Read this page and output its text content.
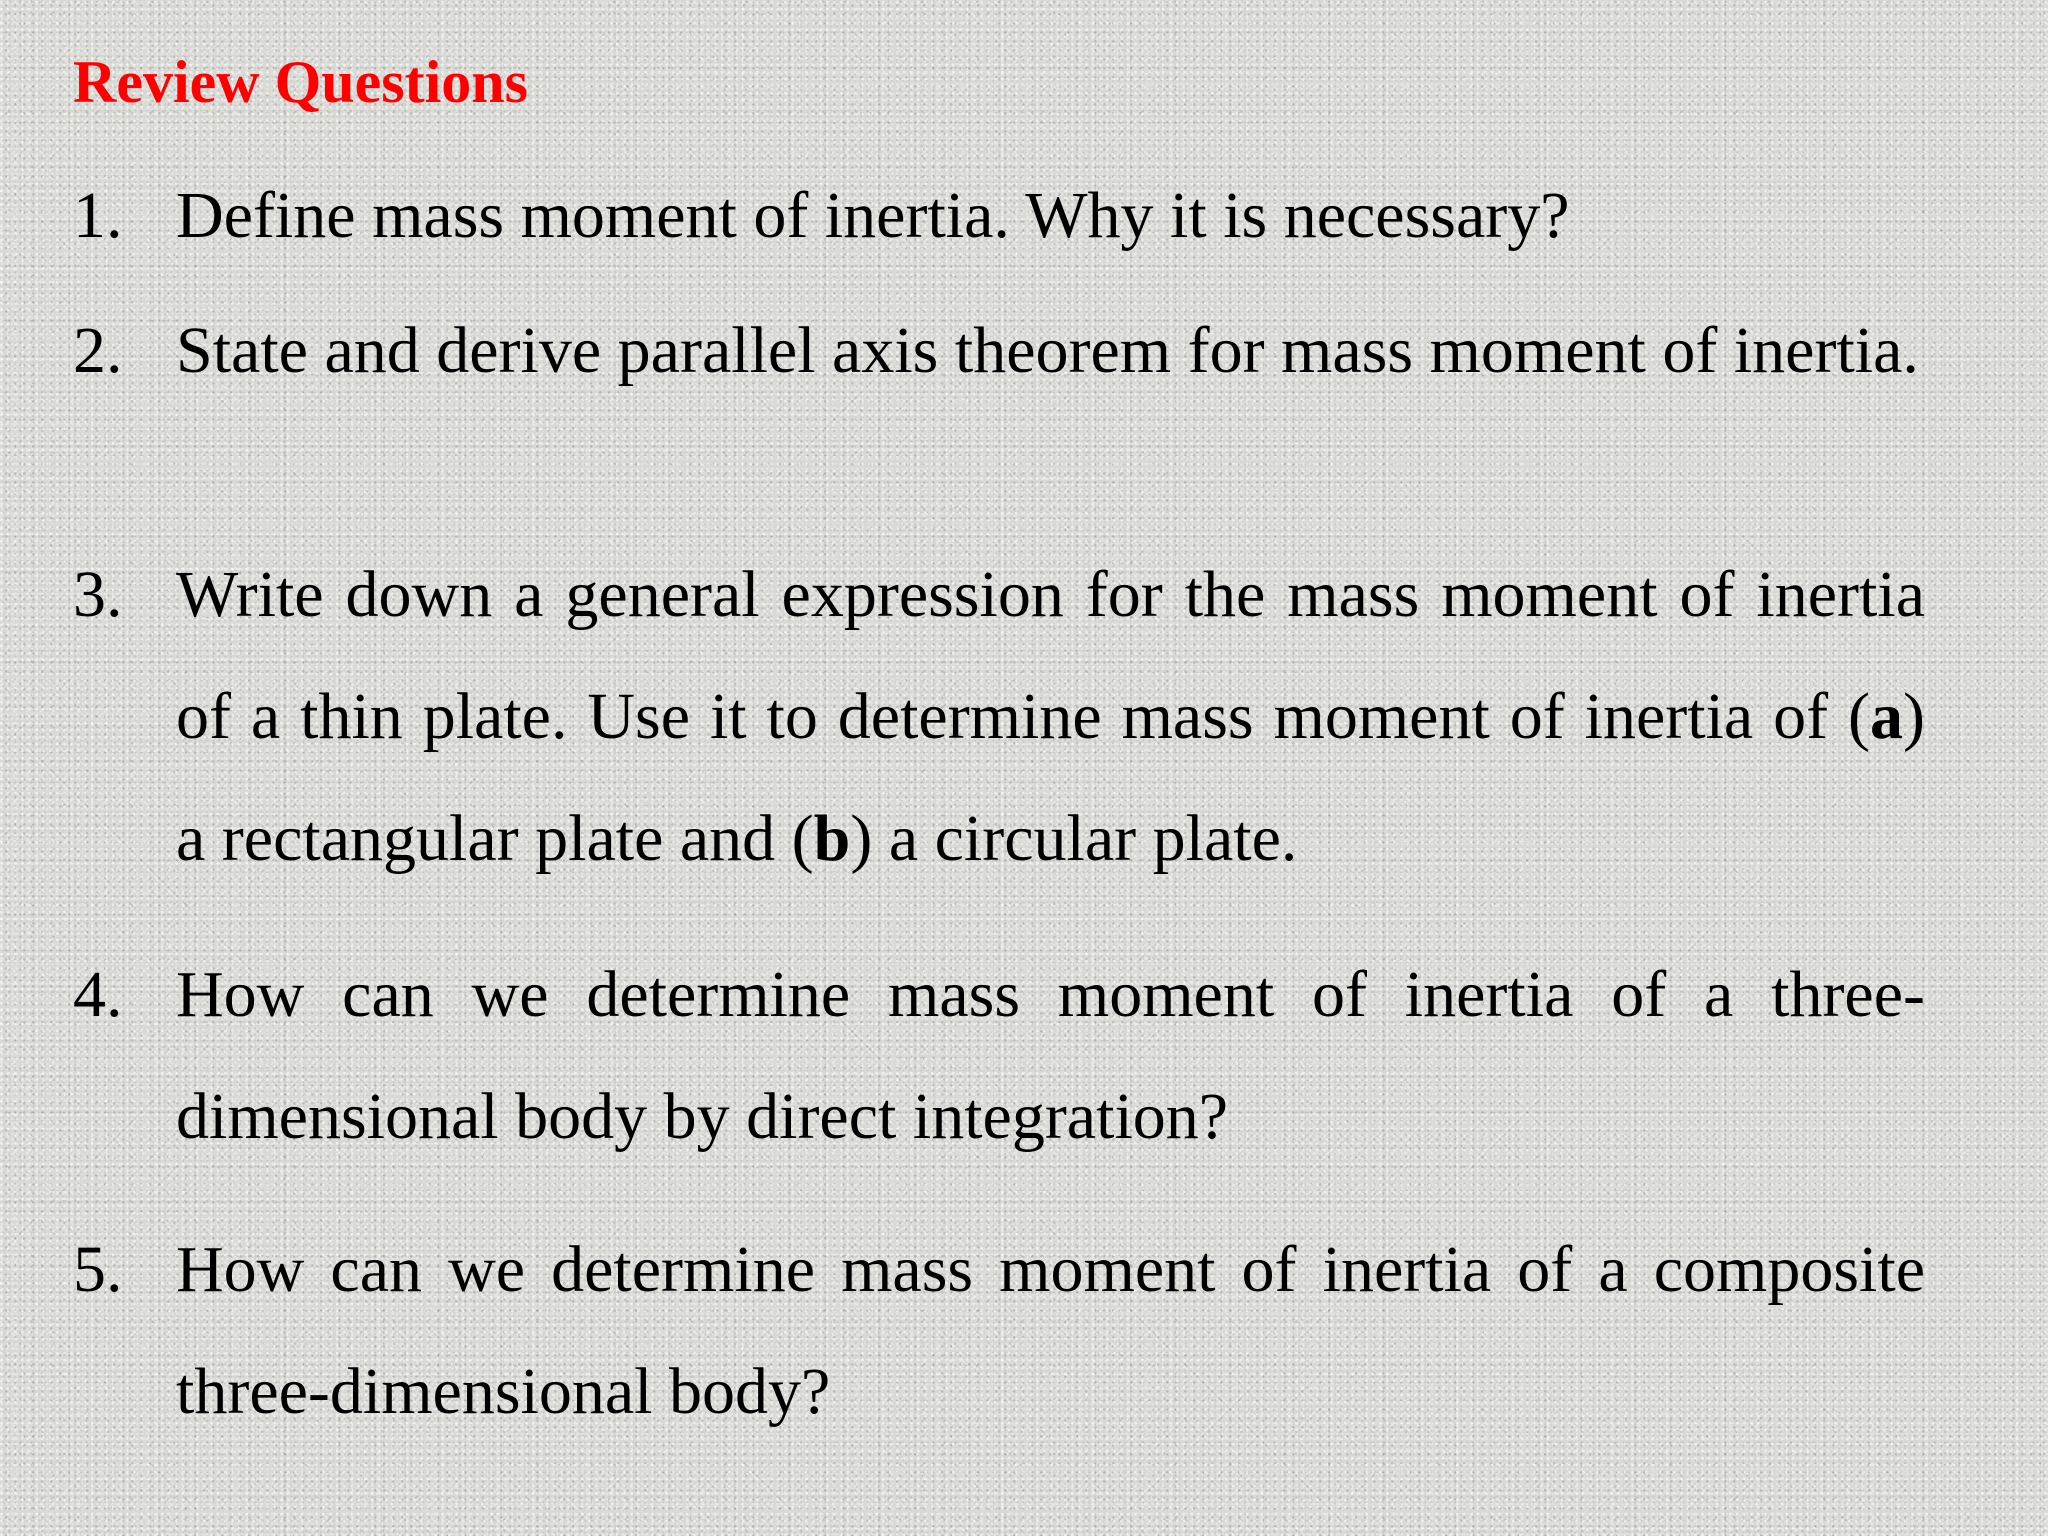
Review Questions
1. Define mass moment of inertia. Why it is necessary?
2. State and derive parallel axis theorem for mass moment of inertia.
3. Write down a general expression for the mass moment of inertia of a thin plate. Use it to determine mass moment of inertia of (a) a rectangular plate and (b) a circular plate.
4. How can we determine mass moment of inertia of a three-dimensional body by direct integration?
5. How can we determine mass moment of inertia of a composite three-dimensional body?
